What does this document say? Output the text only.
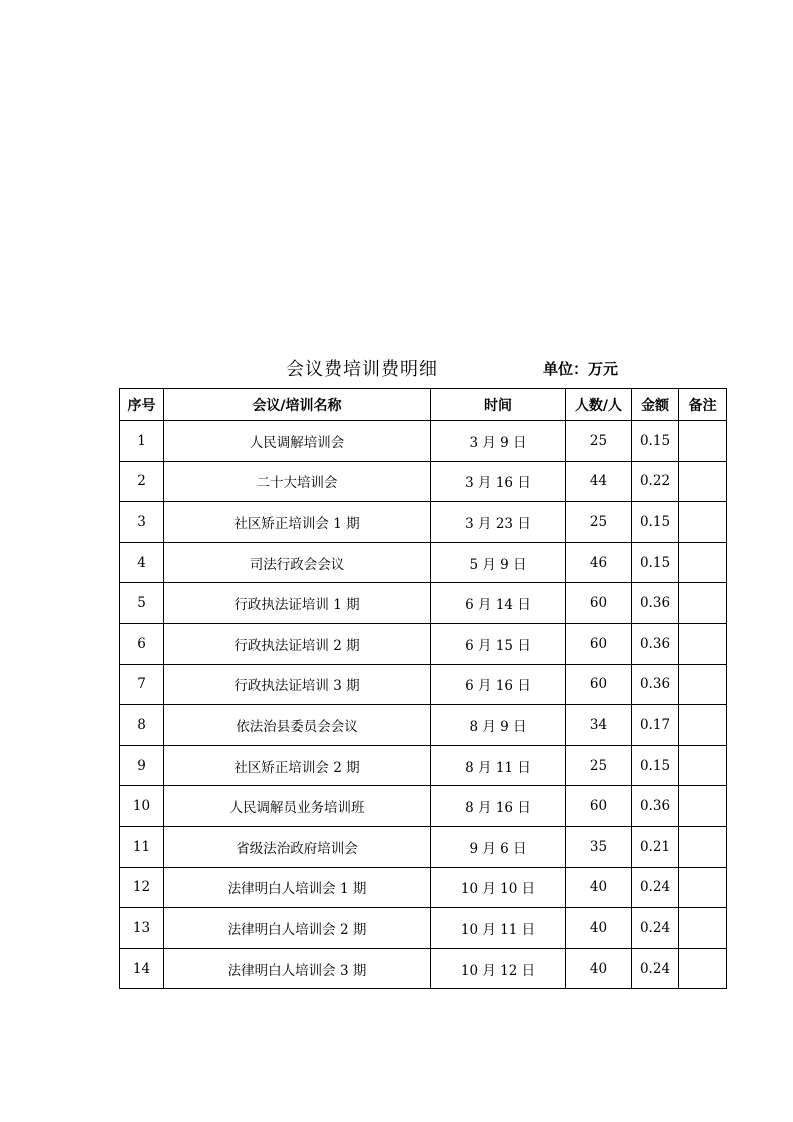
会议费培训费明细	单位：万元
序号	会议/培训名称	时间	人数/人	金额	备注
1	人民调解培训会	3 月 9 日	25	0.15	
2	二十大培训会	3 月 16 日	44	0.22	
3	社区矫正培训会 1 期	3 月 23 日	25	0.15	
4	司法行政会会议	5 月 9 日	46	0.15	
5	行政执法证培训 1 期	6 月 14 日	60	0.36	
6	行政执法证培训 2 期	6 月 15 日	60	0.36	
7	行政执法证培训 3 期	6 月 16 日	60	0.36	
8	依法治县委员会会议	8 月 9 日	34	0.17	
9	社区矫正培训会 2 期	8 月 11 日	25	0.15	
10	人民调解员业务培训班	8 月 16 日	60	0.36	
11	省级法治政府培训会	9 月 6 日	35	0.21	
12	法律明白人培训会 1 期	10 月 10 日	40	0.24	
13	法律明白人培训会 2 期	10 月 11 日	40	0.24	
14	法律明白人培训会 3 期	10 月 12 日	40	0.24	
